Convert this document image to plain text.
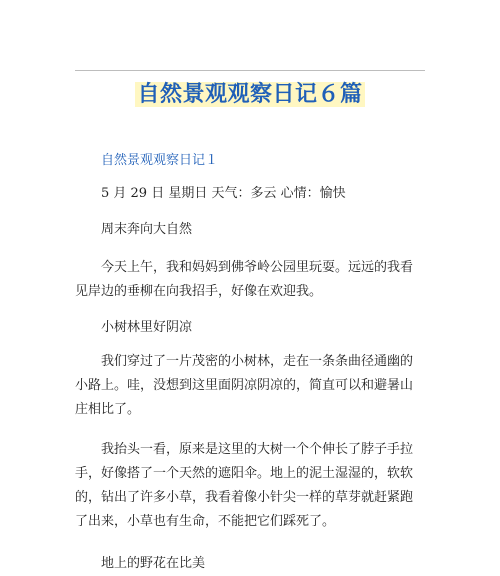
自然景观观察日记６篇
自然景观观察日记１
5 月 29 日 星期日 天气：多云 心情：愉快
周末奔向大自然
今天上午，我和妈妈到佛爷岭公园里玩耍。远远的我看见岸边的垂柳在向我招手，好像在欢迎我。
小树林里好阴凉
我们穿过了一片茂密的小树林，走在一条条曲径通幽的小路上。哇，没想到这里面阴凉阴凉的，简直可以和避暑山庄相比了。
我抬头一看，原来是这里的大树一个个伸长了脖子手拉手，好像搭了一个天然的遮阳伞。地上的泥土湿湿的，软软的，钻出了许多小草，我看着像小针尖一样的草芽就赶紧跑了出来，小草也有生命，不能把它们踩死了。
地上的野花在比美
